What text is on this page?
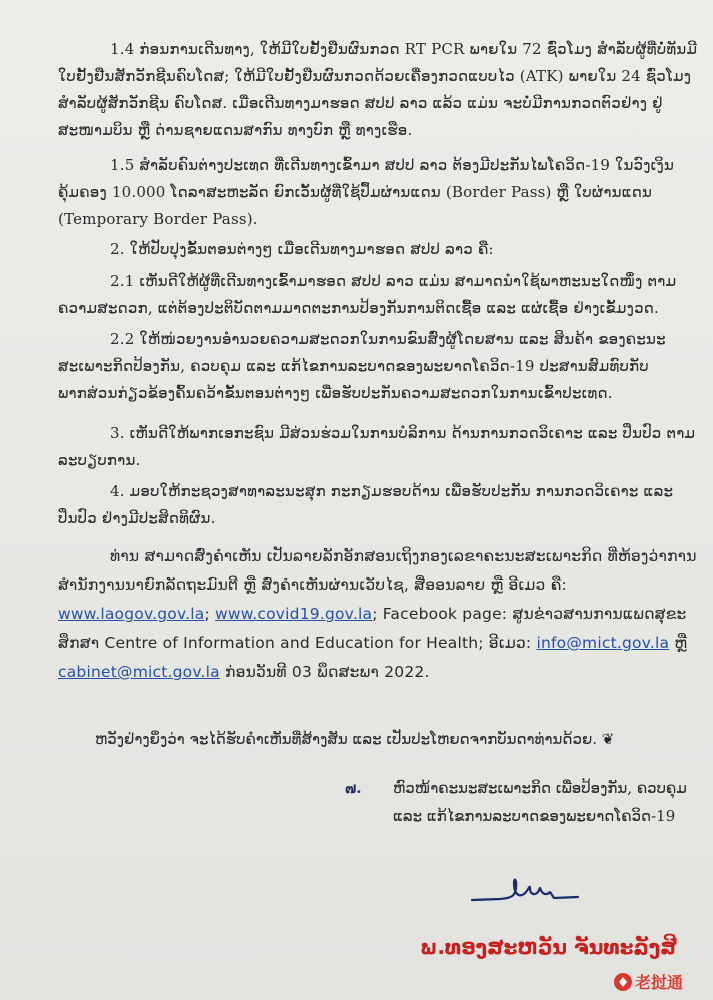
1.4 ກ່ອນການເດີນທາງ, ໃຫ້ມີໃບຢັ້ງຢືນຜົນກວດ RT PCR ພາຍໃນ 72 ຊົ່ວໂມງ ສຳລັບຜູ້ທີ່ບໍ່ທັນມີໃບຢັ້ງຢືນສັກວັກຊີນຄົບໂດສ; ໃຫ້ມີໃບຢັ້ງຢືນຜົນກວດດ້ວຍເຄື່ອງກວດແບບໄວ (ATK) ພາຍໃນ 24 ຊົ່ວໂມງ ສຳລັບຜູ້ສັກວັກຊີນ ຄົບໂດສ. ເມື່ອເດີນທາງມາຮອດ ສປປ ລາວ ແລ້ວ ແມ່ນ ຈະບໍ່ມີການກວດຕົວຢ່າງ ຢູ່ສະໜາມບິນ ຫຼື ດ່ານຊາຍແດນສາກົນ ທາງບົກ ຫຼື ທາງເຮືອ.
1.5 ສຳລັບຄົນຕ່າງປະເທດ ທີ່ເດີນທາງເຂົ້າມາ ສປປ ລາວ ຕ້ອງມີປະກັນໄພໂຄວິດ-19 ໃນວົງເງິນຄຸ້ມຄອງ 10.000 ໂດລາສະຫະລັດ ຍົກເວັ້ນຜູ້ທີ່ໃຊ້ປຶ້ມຜ່ານແດນ (Border Pass) ຫຼື ໃບຜ່ານແດນ (Temporary Border Pass).
2. ໃຫ້ປັບປຸງຂັ້ນຕອນຕ່າງໆ ເມື່ອເດີນທາງມາຮອດ ສປປ ລາວ ຄື:
2.1 ເຫັນດີໃຫ້ຜູ້ທີ່ເດີນທາງເຂົ້າມາຮອດ ສປປ ລາວ ແມ່ນ ສາມາດນຳໃຊ້ພາຫະນະໃດໜຶ່ງ ຕາມຄວາມສະດວກ, ແຕ່ຕ້ອງປະຕິບັດຕາມມາດຕະການປ້ອງກັນການຕິດເຊື້ອ ແລະ ແຜ່ເຊື້ອ ຢ່າງເຂັ້ມງວດ.
2.2 ໃຫ້ໜ່ວຍງານອຳນວຍຄວາມສະດວກໃນການຂົນສົ່ງຜູ້ໂດຍສານ ແລະ ສິນຄ້າ ຂອງຄະນະສະເພາະກິດປ້ອງກັນ, ຄວບຄຸມ ແລະ ແກ້ໄຂການລະບາດຂອງພະຍາດໂຄວິດ-19 ປະສານສົມທົບກັບພາກສ່ວນກ່ຽວຂ້ອງຄົ້ນຄວ້າຂັ້ນຕອນຕ່າງໆ ເພື່ອຮັບປະກັນຄວາມສະດວກໃນການເຂົ້າປະເທດ.
3. ເຫັນດີໃຫ້ພາກເອກະຊົນ ມີສ່ວນຮ່ວມໃນການບໍລິການ ດ້ານການກວດວິເຄາະ ແລະ ປິ່ນປົວ ຕາມລະບຽບການ.
4. ມອບໃຫ້ກະຊວງສາທາລະນະສຸກ ກະກຽມຮອບດ້ານ ເພື່ອຮັບປະກັນ ການກວດວິເຄາະ ແລະ ປິ່ນປົວ ຢ່າງມີປະສິດທິຜົນ.
ທ່ານ ສາມາດສົ່ງຄຳເຫັນ ເປັນລາຍລັກອັກສອນເຖິງກອງເລຂາຄະນະສະເພາະກິດ ທີ່ຫ້ອງວ່າການສຳນັກງານນາຍົກລັດຖະມົນຕີ ຫຼື ສົ່ງຄຳເຫັນຜ່ານເວັບໄຊ, ສື່ອອນລາຍ ຫຼື ອີເມວ ຄື: www.laogov.gov.la; www.covid19.gov.la; Facebook page: ສູນຂ່າວສານການແພດສຸຂະສຶກສາ Centre of Information and Education for Health; ອີເມວ: info@mict.gov.la ຫຼື cabinet@mict.gov.la ກ່ອນວັນທີ 03 ພຶດສະພາ 2022.
ຫວັງຢ່າງຍິ່ງວ່າ ຈະໄດ້ຮັບຄຳເຫັນທີ່ສ້າງສັນ ແລະ ເປັນປະໂຫຍດຈາກບັນດາທ່ານດ້ວຍ. ❦
๗. ຫົວໜ້າຄະນະສະເພາະກິດ ເພື່ອປ້ອງກັນ, ຄວບຄຸມ ແລະ ແກ້ໄຂການລະບາດຂອງພະຍາດໂຄວິດ-19
ພ.ທອງສະຫວັນ ຈັນທະລັງສີ
老挝通
